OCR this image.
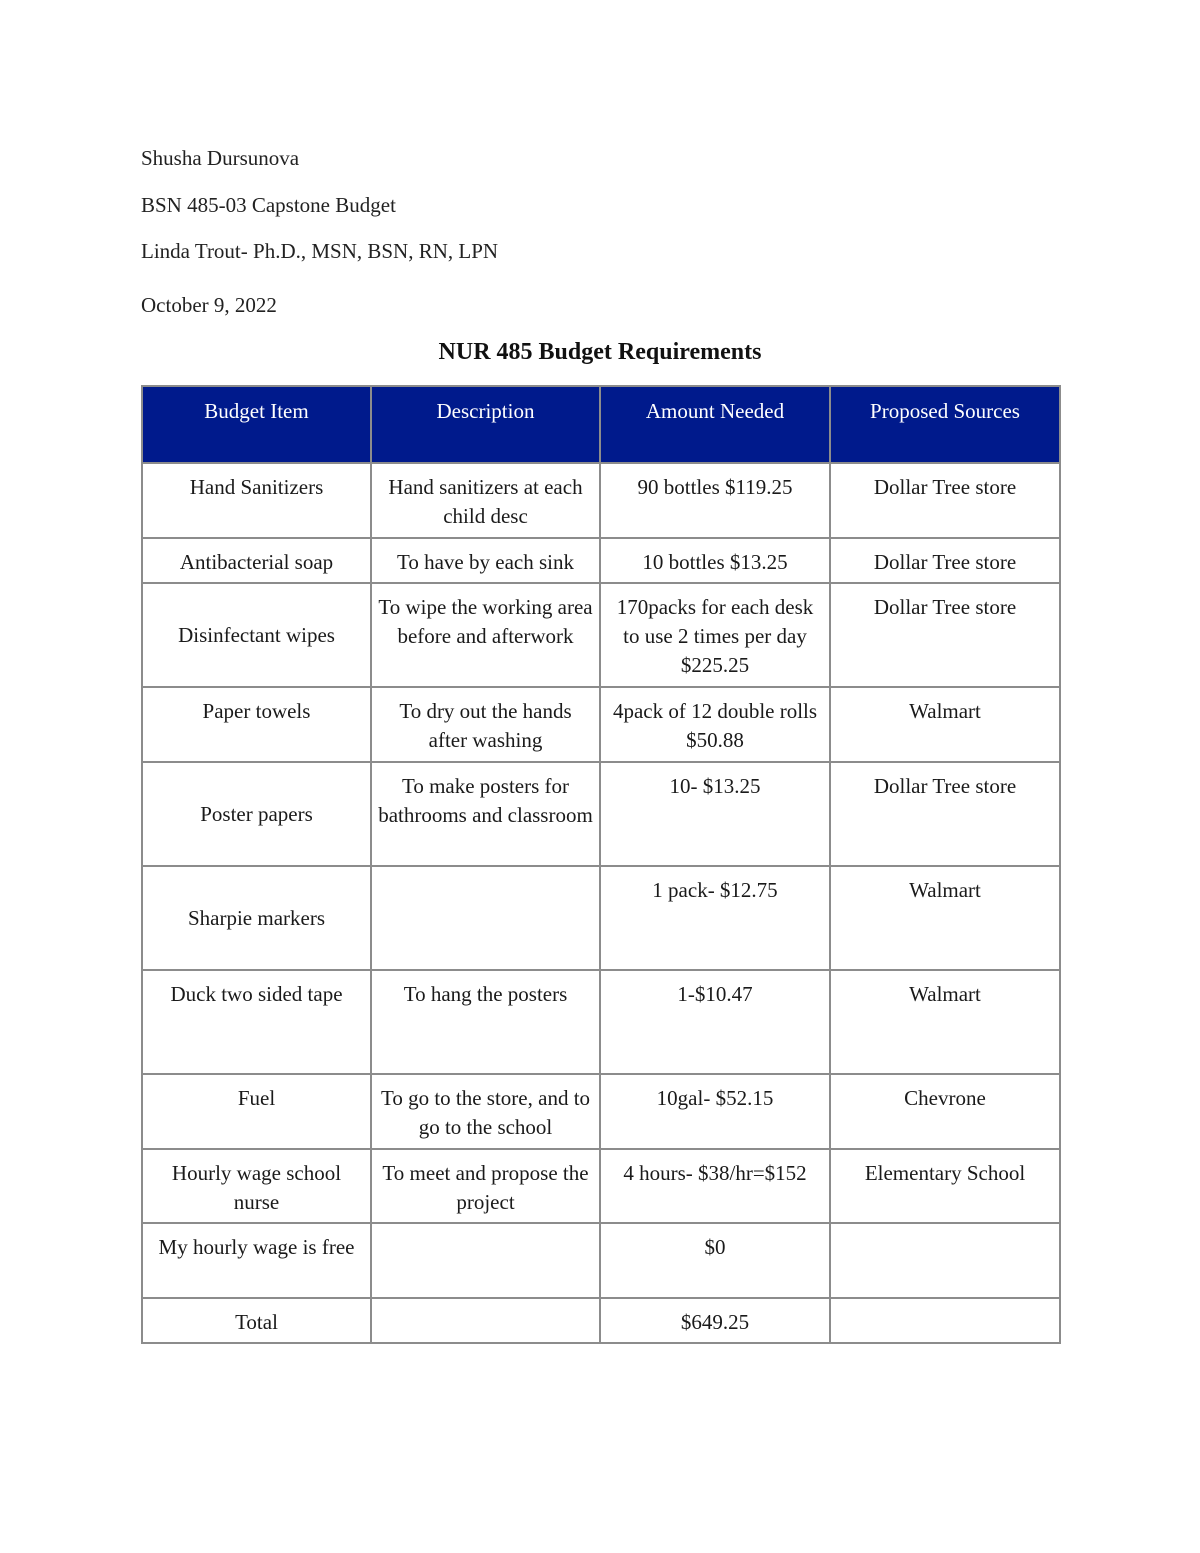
Shusha Dursunova
BSN 485-03 Capstone Budget
Linda Trout- Ph.D., MSN, BSN, RN, LPN
October 9, 2022
NUR 485 Budget Requirements
Budget Item	Description	Amount Needed	Proposed Sources
Hand Sanitizers	Hand sanitizers at each child desc	90 bottles $119.25	Dollar Tree store
Antibacterial soap	To have by each sink	10 bottles $13.25	Dollar Tree store
Disinfectant wipes	To wipe the working area before and afterwork	170packs for each desk to use 2 times per day $225.25	Dollar Tree store
Paper towels	To dry out the hands after washing	4pack of 12 double rolls $50.88	Walmart
Poster papers	To make posters for bathrooms and classroom	10- $13.25	Dollar Tree store
Sharpie markers		1 pack- $12.75	Walmart
Duck two sided tape	To hang the posters	1-$10.47	Walmart
Fuel	To go to the store, and to go to the school	10gal- $52.15	Chevrone
Hourly wage school nurse	To meet and propose the project	4 hours- $38/hr=$152	Elementary School
My hourly wage is free		$0	
Total		$649.25	
